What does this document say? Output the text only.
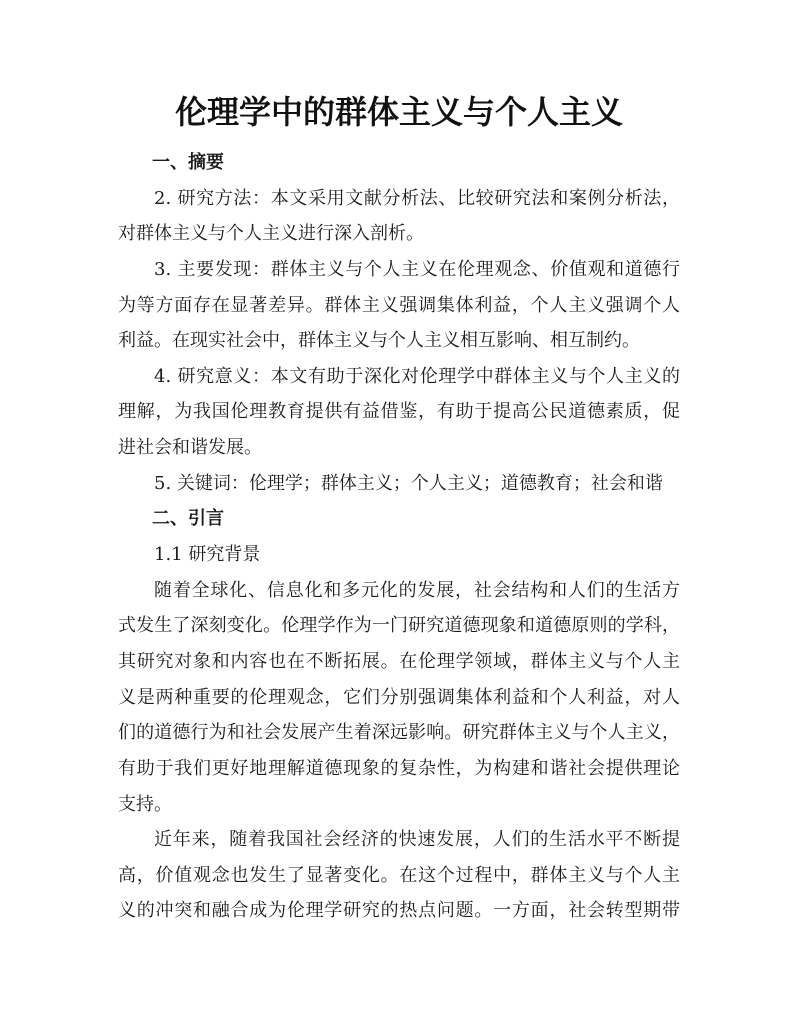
伦理学中的群体主义与个人主义
一、摘要
2. 研究方法：本文采用文献分析法、比较研究法和案例分析法，
对群体主义与个人主义进行深入剖析。
3. 主要发现：群体主义与个人主义在伦理观念、价值观和道德行
为等方面存在显著差异。群体主义强调集体利益，个人主义强调个人
利益。在现实社会中，群体主义与个人主义相互影响、相互制约。
4. 研究意义：本文有助于深化对伦理学中群体主义与个人主义的
理解，为我国伦理教育提供有益借鉴，有助于提高公民道德素质，促
进社会和谐发展。
5. 关键词：伦理学；群体主义；个人主义；道德教育；社会和谐
二、引言
1.1 研究背景
随着全球化、信息化和多元化的发展，社会结构和人们的生活方
式发生了深刻变化。伦理学作为一门研究道德现象和道德原则的学科，
其研究对象和内容也在不断拓展。在伦理学领域，群体主义与个人主
义是两种重要的伦理观念，它们分别强调集体利益和个人利益，对人
们的道德行为和社会发展产生着深远影响。研究群体主义与个人主义，
有助于我们更好地理解道德现象的复杂性，为构建和谐社会提供理论
支持。
近年来，随着我国社会经济的快速发展，人们的生活水平不断提
高，价值观念也发生了显著变化。在这个过程中，群体主义与个人主
义的冲突和融合成为伦理学研究的热点问题。一方面，社会转型期带
